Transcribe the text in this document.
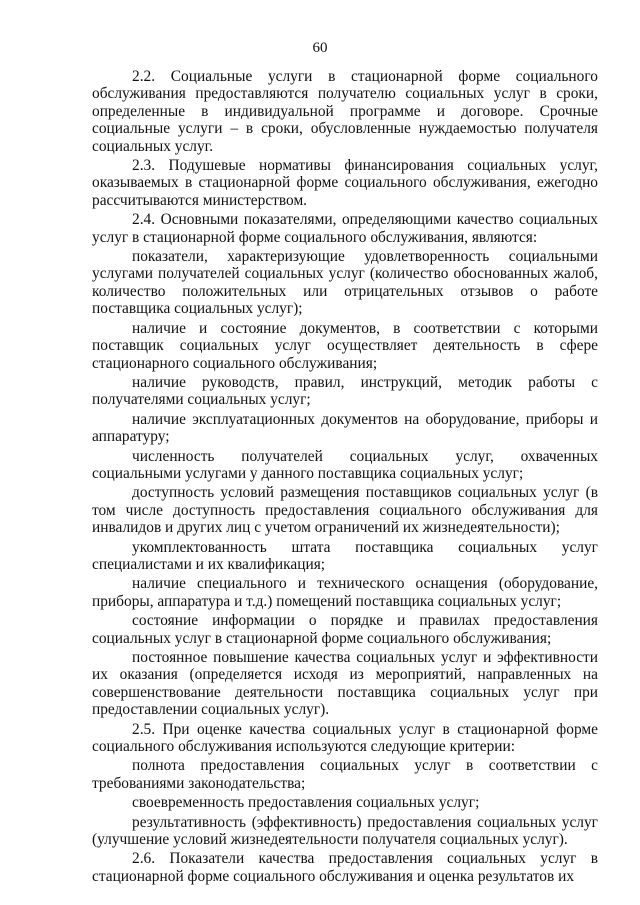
60

2.2. Социальные услуги в стационарной форме социального обслуживания предоставляются получателю социальных услуг в сроки, определенные в индивидуальной программе и договоре. Срочные социальные услуги – в сроки, обусловленные нуждаемостью получателя социальных услуг.

2.3. Подушевые нормативы финансирования социальных услуг, оказываемых в стационарной форме социального обслуживания, ежегодно рассчитываются министерством.

2.4. Основными показателями, определяющими качество социальных услуг в стационарной форме социального обслуживания, являются:

показатели, характеризующие удовлетворенность социальными услугами получателей социальных услуг (количество обоснованных жалоб, количество положительных или отрицательных отзывов о работе поставщика социальных услуг);

наличие и состояние документов, в соответствии с которыми поставщик социальных услуг осуществляет деятельность в сфере стационарного социального обслуживания;

наличие руководств, правил, инструкций, методик работы с получателями социальных услуг;

наличие эксплуатационных документов на оборудование, приборы и аппаратуру;

численность получателей социальных услуг, охваченных социальными услугами у данного поставщика социальных услуг;

доступность условий размещения поставщиков социальных услуг (в том числе доступность предоставления социального обслуживания для инвалидов и других лиц с учетом ограничений их жизнедеятельности);

укомплектованность штата поставщика социальных услуг специалистами и их квалификация;

наличие специального и технического оснащения (оборудование, приборы, аппаратура и т.д.) помещений поставщика социальных услуг;

состояние информации о порядке и правилах предоставления социальных услуг в стационарной форме социального обслуживания;

постоянное повышение качества социальных услуг и эффективности их оказания (определяется исходя из мероприятий, направленных на совершенствование деятельности поставщика социальных услуг при предоставлении социальных услуг).

2.5. При оценке качества социальных услуг в стационарной форме социального обслуживания используются следующие критерии:

полнота предоставления социальных услуг в соответствии с требованиями законодательства;

своевременность предоставления социальных услуг;

результативность (эффективность) предоставления социальных услуг (улучшение условий жизнедеятельности получателя социальных услуг).

2.6. Показатели качества предоставления социальных услуг в стационарной форме социального обслуживания и оценка результатов их
